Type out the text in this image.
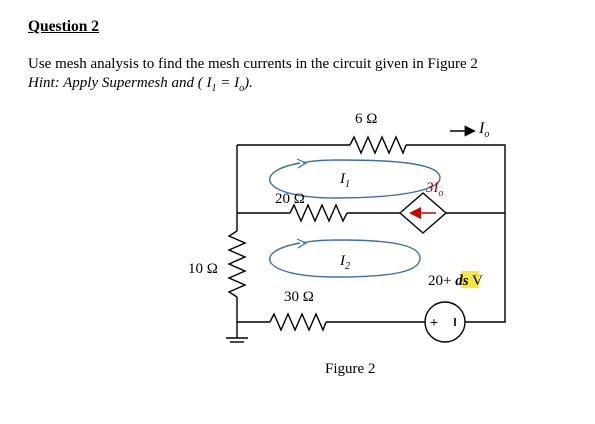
Question 2
Use mesh analysis to find the mesh currents in the circuit given in Figure 2
Hint: Apply Supermesh and ( $I_1 = I_o$).
+
6 Ω
20 Ω
10 Ω
30 Ω
$I_1$
$I_2$
$I_o$
$3I_o$
20+ ds V
Figure 2
